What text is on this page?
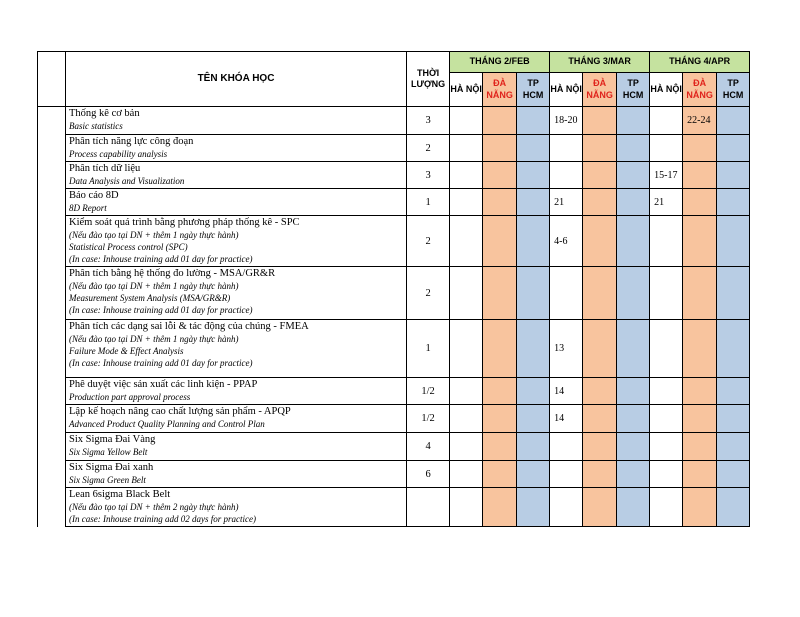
	TÊN KHÓA HỌC	THỜI LƯỢNG	THÁNG 2/FEB			THÁNG 3/MAR			THÁNG 4/APR		
			HÀ NỘI	ĐÀ NẴNG	TP HCM	HÀ NỘI	ĐÀ NẴNG	TP HCM	HÀ NỘI	ĐÀ NẴNG	TP HCM

	Thống kê cơ bản
Basic statistics	3				18-20				22-24	

	Phân tích năng lực công đoạn
Process capability analysis	2									

	Phân tích dữ liệu
Data Analysis and Visualization	3							15-17		

	Báo cáo 8D
8D Report	1				21			21		

	Kiểm soát quá trình bằng phương pháp thống kê - SPC
(Nếu đào tạo tại DN + thêm 1 ngày thực hành)
Statistical Process control (SPC)
(In case: Inhouse training add 01 day for practice)	2				4-6					

	Phân tích bằng hệ thống đo lường - MSA/GR&R
(Nếu đào tạo tại DN + thêm 1 ngày thực hành)
Measurement System Analysis (MSA/GR&R)
(In case: Inhouse training add 01 day for practice)	2									

	Phân tích các dạng sai lỗi & tác động của chúng - FMEA
(Nếu đào tạo tại DN + thêm 1 ngày thực hành)
Failure Mode & Effect Analysis
(In case: Inhouse training add 01 day for practice)	1				13					

	Phê duyệt việc sản xuất các linh kiện - PPAP
Production part approval process	1/2				14					

	Lập kế hoạch nâng cao chất lượng sản phẩm - APQP
Advanced Product Quality Planning and Control Plan	1/2				14					

	Six Sigma Đai Vàng
Six Sigma Yellow Belt	4									

	Six Sigma Đai xanh
Six Sigma Green Belt	6									

	Lean 6sigma Black Belt
(Nếu đào tạo tại DN + thêm 2 ngày thực hành)
(In case: Inhouse training add 02 days for practice)										
